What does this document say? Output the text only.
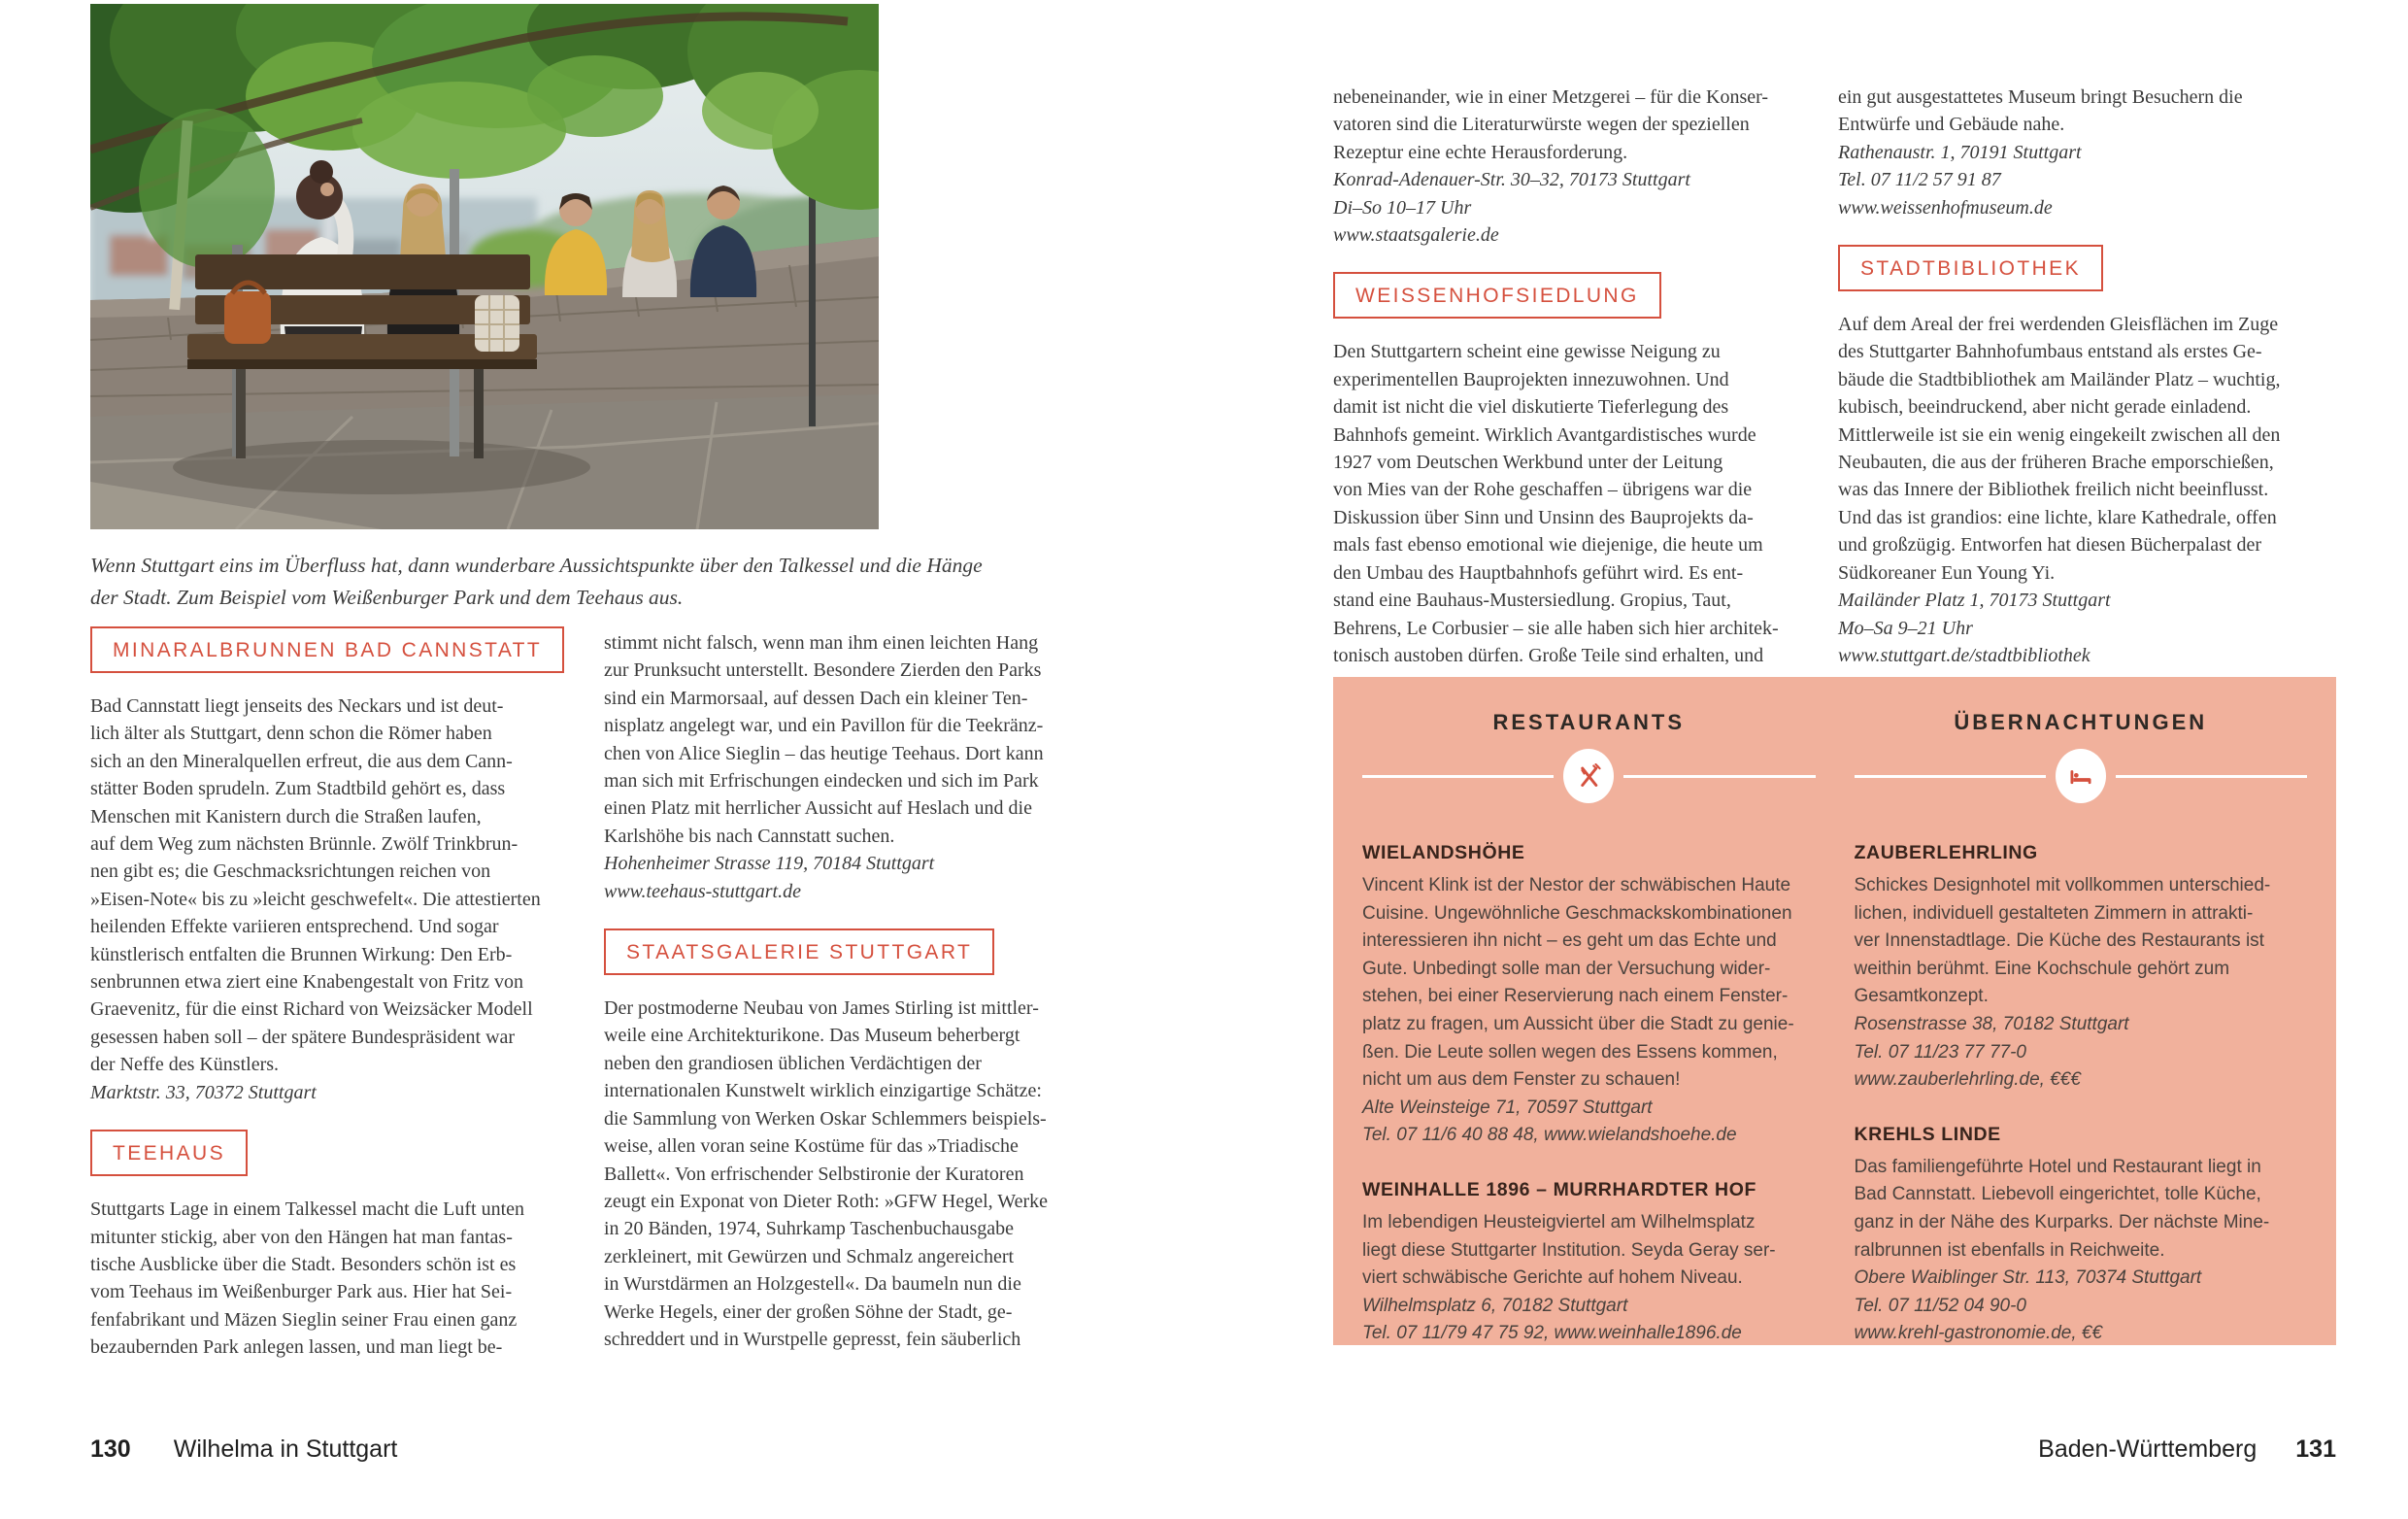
Wenn Stuttgart eins im Überfluss hat, dann wunderbare Aussichtspunkte über den Talkessel und die Hänge
der Stadt. Zum Beispiel vom Weißenburger Park und dem Teehaus aus.
MINARALBRUNNEN BAD CANNSTATT
Bad Cannstatt liegt jenseits des Neckars und ist deut-
lich älter als Stuttgart, denn schon die Römer haben
sich an den Mineralquellen erfreut, die aus dem Cann-
stätter Boden sprudeln. Zum Stadtbild gehört es, dass
Menschen mit Kanistern durch die Straßen laufen,
auf dem Weg zum nächsten Brünnle. Zwölf Trinkbrun-
nen gibt es; die Geschmacksrichtungen reichen von
»Eisen-Note« bis zu »leicht geschwefelt«. Die attestierten
heilenden Effekte variieren entsprechend. Und sogar
künstlerisch entfalten die Brunnen Wirkung: Den Erb-
senbrunnen etwa ziert eine Knabengestalt von Fritz von
Graevenitz, für die einst Richard von Weizsäcker Modell
gesessen haben soll – der spätere Bundespräsident war
der Neffe des Künstlers.
Marktstr. 33, 70372 Stuttgart
TEEHAUS
Stuttgarts Lage in einem Talkessel macht die Luft unten
mitunter stickig, aber von den Hängen hat man fantas-
tische Ausblicke über die Stadt. Besonders schön ist es
vom Teehaus im Weißenburger Park aus. Hier hat Sei-
fenfabrikant und Mäzen Sieglin seiner Frau einen ganz
bezaubernden Park anlegen lassen, und man liegt be-
stimmt nicht falsch, wenn man ihm einen leichten Hang
zur Prunksucht unterstellt. Besondere Zierden den Parks
sind ein Marmorsaal, auf dessen Dach ein kleiner Ten-
nisplatz angelegt war, und ein Pavillon für die Teekränz-
chen von Alice Sieglin – das heutige Teehaus. Dort kann
man sich mit Erfrischungen eindecken und sich im Park
einen Platz mit herrlicher Aussicht auf Heslach und die
Karlshöhe bis nach Cannstatt suchen.
Hohenheimer Strasse 119, 70184 Stuttgart
www.teehaus-stuttgart.de
STAATSGALERIE STUTTGART
Der postmoderne Neubau von James Stirling ist mittler-
weile eine Architekturikone. Das Museum beherbergt
neben den grandiosen üblichen Verdächtigen der
internationalen Kunstwelt wirklich einzigartige Schätze:
die Sammlung von Werken Oskar Schlemmers beispiels-
weise, allen voran seine Kostüme für das »Triadische
Ballett«. Von erfrischender Selbstironie der Kuratoren
zeugt ein Exponat von Dieter Roth: »GFW Hegel, Werke
in 20 Bänden, 1974, Suhrkamp Taschenbuchausgabe
zerkleinert, mit Gewürzen und Schmalz angereichert
in Wurstdärmen an Holzgestell«. Da baumeln nun die
Werke Hegels, einer der großen Söhne der Stadt, ge-
schreddert und in Wurstpelle gepresst, fein säuberlich
130 Wilhelma in Stuttgart
nebeneinander, wie in einer Metzgerei – für die Konser-
vatoren sind die Literaturwürste wegen der speziellen
Rezeptur eine echte Herausforderung.
Konrad-Adenauer-Str. 30–32, 70173 Stuttgart
Di–So 10–17 Uhr
www.staatsgalerie.de
WEISSENHOFSIEDLUNG
Den Stuttgartern scheint eine gewisse Neigung zu
experimentellen Bauprojekten innezuwohnen. Und
damit ist nicht die viel diskutierte Tieferlegung des
Bahnhofs gemeint. Wirklich Avantgardistisches wurde
1927 vom Deutschen Werkbund unter der Leitung
von Mies van der Rohe geschaffen – übrigens war die
Diskussion über Sinn und Unsinn des Bauprojekts da-
mals fast ebenso emotional wie diejenige, die heute um
den Umbau des Hauptbahnhofs geführt wird. Es ent-
stand eine Bauhaus-Mustersiedlung. Gropius, Taut,
Behrens, Le Corbusier – sie alle haben sich hier architek-
tonisch austoben dürfen. Große Teile sind erhalten, und
ein gut ausgestattetes Museum bringt Besuchern die
Entwürfe und Gebäude nahe.
Rathenaustr. 1, 70191 Stuttgart
Tel. 07 11/2 57 91 87
www.weissenhofmuseum.de
STADTBIBLIOTHEK
Auf dem Areal der frei werdenden Gleisflächen im Zuge
des Stuttgarter Bahnhofumbaus entstand als erstes Ge-
bäude die Stadtbibliothek am Mailänder Platz – wuchtig,
kubisch, beeindruckend, aber nicht gerade einladend.
Mittlerweile ist sie ein wenig eingekeilt zwischen all den
Neubauten, die aus der früheren Brache emporschießen,
was das Innere der Bibliothek freilich nicht beeinflusst.
Und das ist grandios: eine lichte, klare Kathedrale, offen
und großzügig. Entworfen hat diesen Bücherpalast der
Südkoreaner Eun Young Yi.
Mailänder Platz 1, 70173 Stuttgart
Mo–Sa 9–21 Uhr
www.stuttgart.de/stadtbibliothek
RESTAURANTS
WIELANDSHÖHE
Vincent Klink ist der Nestor der schwäbischen Haute
Cuisine. Ungewöhnliche Geschmackskombinationen
interessieren ihn nicht – es geht um das Echte und
Gute. Unbedingt solle man der Versuchung wider-
stehen, bei einer Reservierung nach einem Fenster-
platz zu fragen, um Aussicht über die Stadt zu genie-
ßen. Die Leute sollen wegen des Essens kommen,
nicht um aus dem Fenster zu schauen!
Alte Weinsteige 71, 70597 Stuttgart
Tel. 07 11/6 40 88 48, www.wielandshoehe.de
WEINHALLE 1896 – MURRHARDTER HOF
Im lebendigen Heusteigviertel am Wilhelmsplatz
liegt diese Stuttgarter Institution. Seyda Geray ser-
viert schwäbische Gerichte auf hohem Niveau.
Wilhelmsplatz 6, 70182 Stuttgart
Tel. 07 11/79 47 75 92, www.weinhalle1896.de
ÜBERNACHTUNGEN
ZAUBERLEHRLING
Schickes Designhotel mit vollkommen unterschied-
lichen, individuell gestalteten Zimmern in attrakti-
ver Innenstadtlage. Die Küche des Restaurants ist
weithin berühmt. Eine Kochschule gehört zum
Gesamtkonzept.
Rosenstrasse 38, 70182 Stuttgart
Tel. 07 11/23 77 77-0
www.zauberlehrling.de, €€€
KREHLS LINDE
Das familiengeführte Hotel und Restaurant liegt in
Bad Cannstatt. Liebevoll eingerichtet, tolle Küche,
ganz in der Nähe des Kurparks. Der nächste Mine-
ralbrunnen ist ebenfalls in Reichweite.
Obere Waiblinger Str. 113, 70374 Stuttgart
Tel. 07 11/52 04 90-0
www.krehl-gastronomie.de, €€
Baden-Württemberg 131
